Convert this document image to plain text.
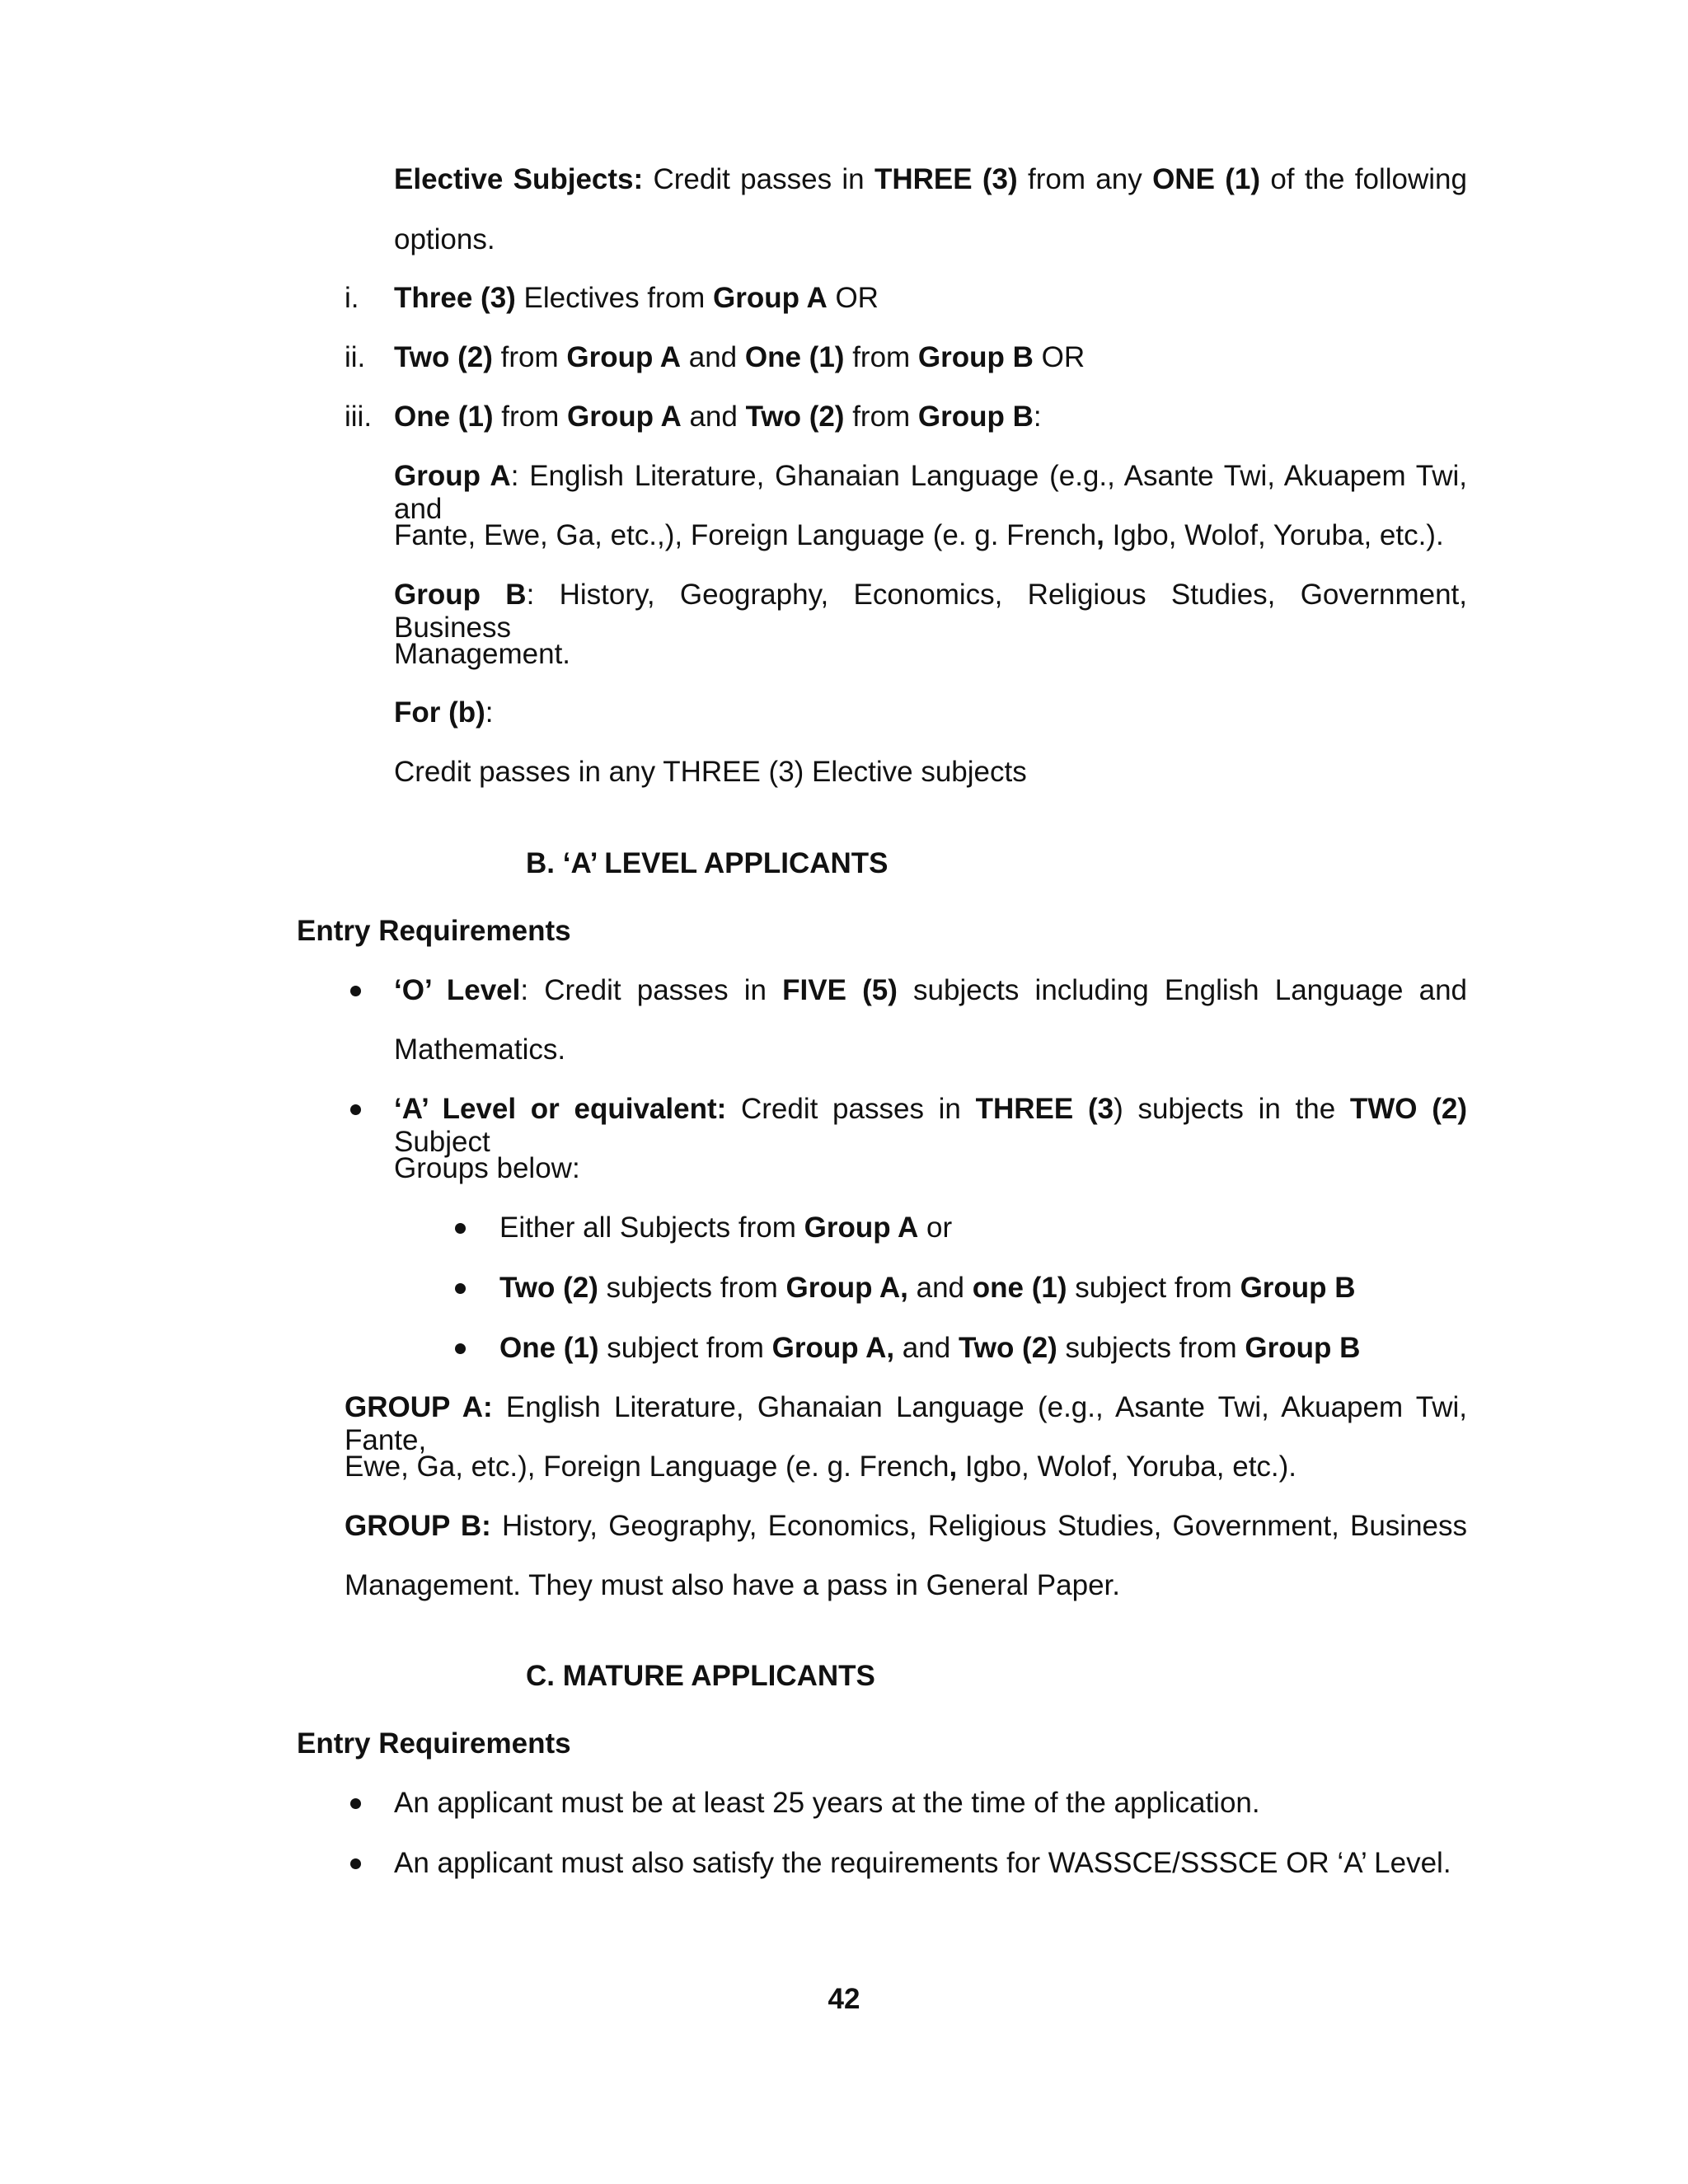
Elective Subjects: Credit passes in THREE (3) from any ONE (1) of the following
options.
i. Three (3) Electives from Group A OR
ii. Two (2) from Group A and One (1) from Group B OR
iii. One (1) from Group A and Two (2) from Group B:
Group A: English Literature, Ghanaian Language (e.g., Asante Twi, Akuapem Twi, and
Fante, Ewe, Ga, etc.,), Foreign Language (e. g. French, Igbo, Wolof, Yoruba, etc.).
Group B: History, Geography, Economics, Religious Studies, Government, Business
Management.
For (b):
Credit passes in any THREE (3) Elective subjects
B. ‘A’ LEVEL APPLICANTS
Entry Requirements
‘O’ Level: Credit passes in FIVE (5) subjects including English Language and
Mathematics.
‘A’ Level or equivalent: Credit passes in THREE (3) subjects in the TWO (2) Subject
Groups below:
Either all Subjects from Group A or
Two (2) subjects from Group A, and one (1) subject from Group B
One (1) subject from Group A, and Two (2) subjects from Group B
GROUP A: English Literature, Ghanaian Language (e.g., Asante Twi, Akuapem Twi, Fante,
Ewe, Ga, etc.), Foreign Language (e. g. French, Igbo, Wolof, Yoruba, etc.).
GROUP B: History, Geography, Economics, Religious Studies, Government, Business
Management. They must also have a pass in General Paper.
C. MATURE APPLICANTS
Entry Requirements
An applicant must be at least 25 years at the time of the application.
An applicant must also satisfy the requirements for WASSCE/SSSCE OR ‘A’ Level.
42
